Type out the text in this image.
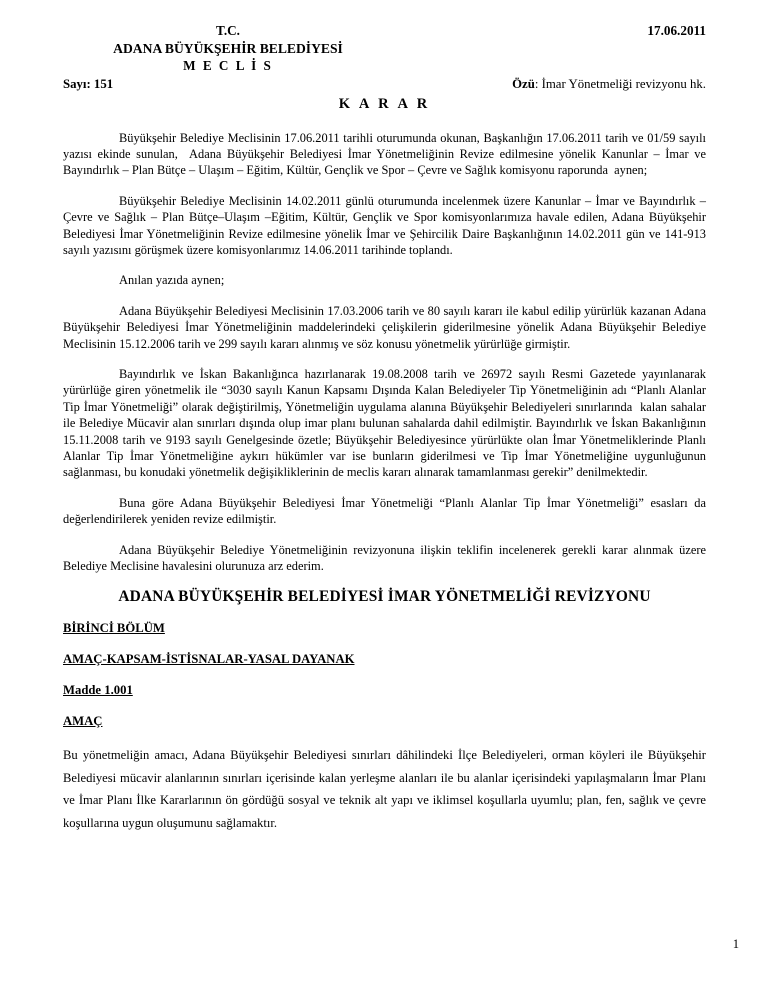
T.C.
ADANA BÜYÜKŞEHİR BELEDİYESİ
M E C L İ S
17.06.2011
Sayı: 151	Özü: İmar Yönetmeliği revizyonu hk.
K A R A R

Büyükşehir Belediye Meclisinin 17.06.2011 tarihli oturumunda okunan, Başkanlığın 17.06.2011 tarih ve 01/59 sayılı yazısı ekinde sunulan,  Adana Büyükşehir Belediyesi İmar Yönetmeliğinin Revize edilmesine yönelik Kanunlar – İmar ve Bayındırlık – Plan Bütçe – Ulaşım – Eğitim, Kültür, Gençlik ve Spor – Çevre ve Sağlık komisyonu raporunda  aynen;

Büyükşehir Belediye Meclisinin 14.02.2011 günlü oturumunda incelenmek üzere Kanunlar – İmar ve Bayındırlık – Çevre ve Sağlık – Plan Bütçe–Ulaşım –Eğitim, Kültür, Gençlik ve Spor komisyonlarımıza havale edilen, Adana Büyükşehir Belediyesi İmar Yönetmeliğinin Revize edilmesine yönelik İmar ve Şehircilik Daire Başkanlığının 14.02.2011 gün ve 141-913 sayılı yazısını görüşmek üzere komisyonlarımız 14.06.2011 tarihinde toplandı.

Anılan yazıda aynen;

Adana Büyükşehir Belediyesi Meclisinin 17.03.2006 tarih ve 80 sayılı kararı ile kabul edilip yürürlük kazanan Adana Büyükşehir Belediyesi İmar Yönetmeliğinin maddelerindeki çelişkilerin giderilmesine yönelik Adana Büyükşehir Belediye Meclisinin 15.12.2006 tarih ve 299 sayılı kararı alınmış ve söz konusu yönetmelik yürürlüğe girmiştir.

Bayındırlık ve İskan Bakanlığınca hazırlanarak 19.08.2008 tarih ve 26972 sayılı Resmi Gazetede yayınlanarak yürürlüğe giren yönetmelik ile “3030 sayılı Kanun Kapsamı Dışında Kalan Belediyeler Tip Yönetmeliğinin adı “Planlı Alanlar Tip İmar Yönetmeliği” olarak değiştirilmiş, Yönetmeliğin uygulama alanına Büyükşehir Belediyeleri sınırlarında  kalan sahalar ile Belediye Mücavir alan sınırları dışında olup imar planı bulunan sahalarda dahil edilmiştir. Bayındırlık ve İskan Bakanlığının 15.11.2008 tarih ve 9193 sayılı Genelgesinde özetle; Büyükşehir Belediyesince yürürlükte olan İmar Yönetmeliklerinde Planlı Alanlar Tip İmar Yönetmeliğine aykırı hükümler var ise bunların giderilmesi ve Tip İmar Yönetmeliğine uygunluğunun sağlanması, bu konudaki yönetmelik değişikliklerinin de meclis kararı alınarak tamamlanması gerekir” denilmektedir.

Buna göre Adana Büyükşehir Belediyesi İmar Yönetmeliği “Planlı Alanlar Tip İmar Yönetmeliği” esasları da değerlendirilerek yeniden revize edilmiştir.

Adana Büyükşehir Belediye Yönetmeliğinin revizyonuna ilişkin teklifin incelenerek gerekli karar alınmak üzere Belediye Meclisine havalesini olurunuza arz ederim.

ADANA BÜYÜKŞEHİR BELEDİYESİ İMAR YÖNETMELİĞİ REVİZYONU
BİRİNCİ BÖLÜM
AMAÇ-KAPSAM-İSTİSNALAR-YASAL DAYANAK
Madde 1.001
AMAÇ

Bu yönetmeliğin amacı, Adana Büyükşehir Belediyesi sınırları dâhilindeki İlçe Belediyeleri, orman köyleri ile Büyükşehir Belediyesi mücavir alanlarının sınırları içerisinde kalan yerleşme alanları ile bu alanlar içerisindeki yapılaşmaların İmar Planı ve İmar Planı İlke Kararlarının ön gördüğü sosyal ve teknik alt yapı ve iklimsel koşullarla uyumlu; plan, fen, sağlık ve çevre koşullarına uygun oluşumunu sağlamaktır.

1
